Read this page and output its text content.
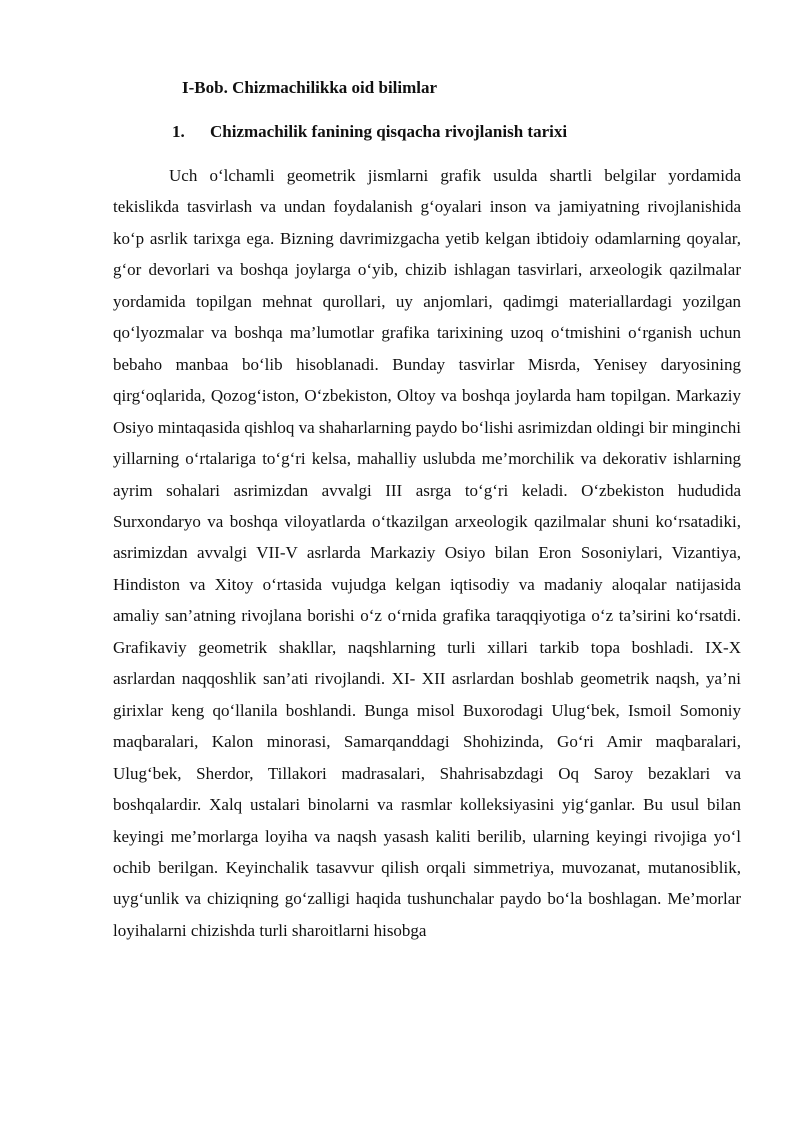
I-Bob. Chizmachilikka oid bilimlar
1. Chizmachilik fanining qisqacha rivojlanish tarixi

Uch o‘lchamli geometrik jismlarni grafik usulda shartli belgilar yordamida tekislikda tasvirlash va undan foydalanish g‘oyalari inson va jamiyatning rivojlanishida ko‘p asrlik tarixga ega. Bizning davrimizgacha yetib kelgan ibtidoiy odamlarning qoyalar, g‘or devorlari va boshqa joylarga o‘yib, chizib ishlagan tasvirlari, arxeologik qazilmalar yordamida topilgan mehnat qurollari, uy anjomlari, qadimgi materiallardagi yozilgan qo‘lyozmalar va boshqa ma’lumotlar grafika tarixining uzoq o‘tmishini o‘rganish uchun bebaho manbaa bo‘lib hisoblanadi. Bunday tasvirlar Misrda, Yenisey daryosining qirg‘oqlarida, Qozog‘iston, O‘zbekiston, Oltoy va boshqa joylarda ham topilgan. Markaziy Osiyo mintaqasida qishloq va shaharlarning paydo bo‘lishi asrimizdan oldingi bir minginchi yillarning o‘rtalariga to‘g‘ri kelsa, mahalliy uslubda me’morchilik va dekorativ ishlarning ayrim sohalari asrimizdan avvalgi III asrga to‘g‘ri keladi. O‘zbekiston hududida Surxondaryo va boshqa viloyatlarda o‘tkazilgan arxeologik qazilmalar shuni ko‘rsatadiki, asrimizdan avvalgi VII-V asrlarda Markaziy Osiyo bilan Eron Sosoniylari, Vizantiya, Hindiston va Xitoy o‘rtasida vujudga kelgan iqtisodiy va madaniy aloqalar natijasida amaliy san’atning rivojlana borishi o‘z o‘rnida grafika taraqqiyotiga o‘z ta’sirini ko‘rsatdi. Grafikaviy geometrik shakllar, naqshlarning turli xillari tarkib topa boshladi. IX-X asrlardan naqqoshlik san’ati rivojlandi. XI- XII asrlardan boshlab geometrik naqsh, ya’ni girixlar keng qo‘llanila boshlandi. Bunga misol Buxorodagi Ulug‘bek, Ismoil Somoniy maqbaralari, Kalon minorasi, Samarqanddagi Shohizinda, Go‘ri Amir maqbaralari, Ulug‘bek, Sherdor, Tillakori madrasalari, Shahrisabzdagi Oq Saroy bezaklari va boshqalardir. Xalq ustalari binolarni va rasmlar kolleksiyasini yig‘ganlar. Bu usul bilan keyingi me’morlarga loyiha va naqsh yasash kaliti berilib, ularning keyingi rivojiga yo‘l ochib berilgan. Keyinchalik tasavvur qilish orqali simmetriya, muvozanat, mutanosiblik, uyg‘unlik va chiziqning go‘zalligi haqida tushunchalar paydo bo‘la boshlagan. Me’morlar loyihalarni chizishda turli sharoitlarni hisobga
